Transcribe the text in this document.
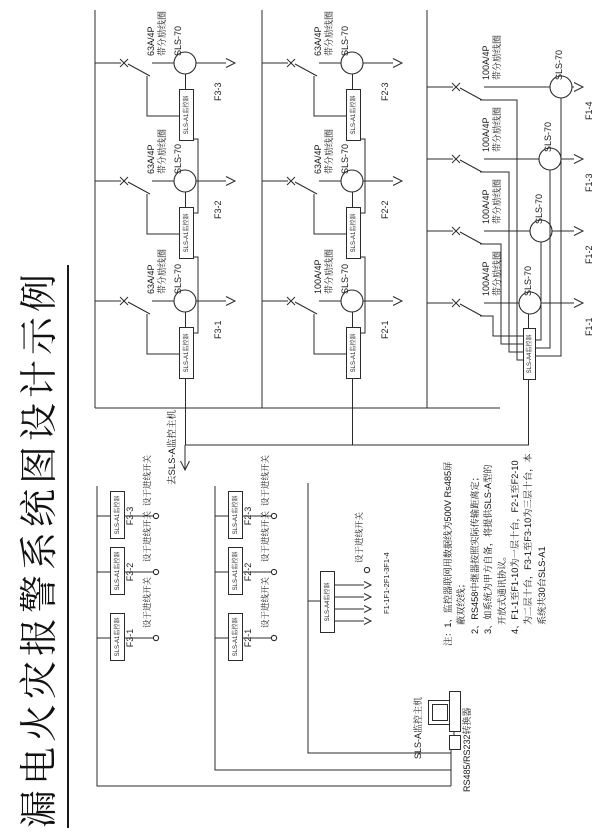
漏电火灾报警系统图设计示例	注：1、监控器联网用数据线为500V Rs485屏 蔽双绞线； 2、RS458中继器按照实际传输距离定； 3、如系统为甲方自备，将提供SLS-A型的 开放式通讯协议。 4、F1-1至F1-10为一层十台，F2-1至F2-10 为二层十台，F3-1至F3-10为三层十台，本 系统共30台SLS-A1
去SLS-A监控主机
SLS-A1监控器
63A/4P 带分励线圈 SLS-70
F3-1
SLS-A1监控器
63A/4P 带分励线圈 SLS-70
F3-2
SLS-A1监控器
63A/4P 带分励线圈 SLS-70
F3-3
SLS-A1监控器
100A/4P 带分励线圈 SLS-70
F2-1
SLS-A1监控器
63A/4P 带分励线圈 SLS-70
F2-2
SLS-A1监控器
63A/4P 带分励线圈 SLS-70
F2-3
100A/4P 带分励线圈 SLS-70
F1-1
100A/4P 带分励线圈	SLS-70
F1-2
100A/4P 带分励线圈	SLS-70
F1-3
100A/4P 带分励线圈	SLS-70
F1-4
SLS-A4监控器
SLS-A1监控器 F3-1
设于进线开关
SLS-A1监控器 F3-2
设于进线开关
SLS-A1监控器 F3-3
设于进线开关
SLS-A1监控器 F2-1
设于进线开关
SLS-A1监控器 F2-2
设于进线开关
SLS-A1监控器 F2-3
设于进线开关
SLS-A4监控器	F1-1F1-2F1-3F1-4
设于进线开关
SLS-A监控主机	RS485/RS232转换器
